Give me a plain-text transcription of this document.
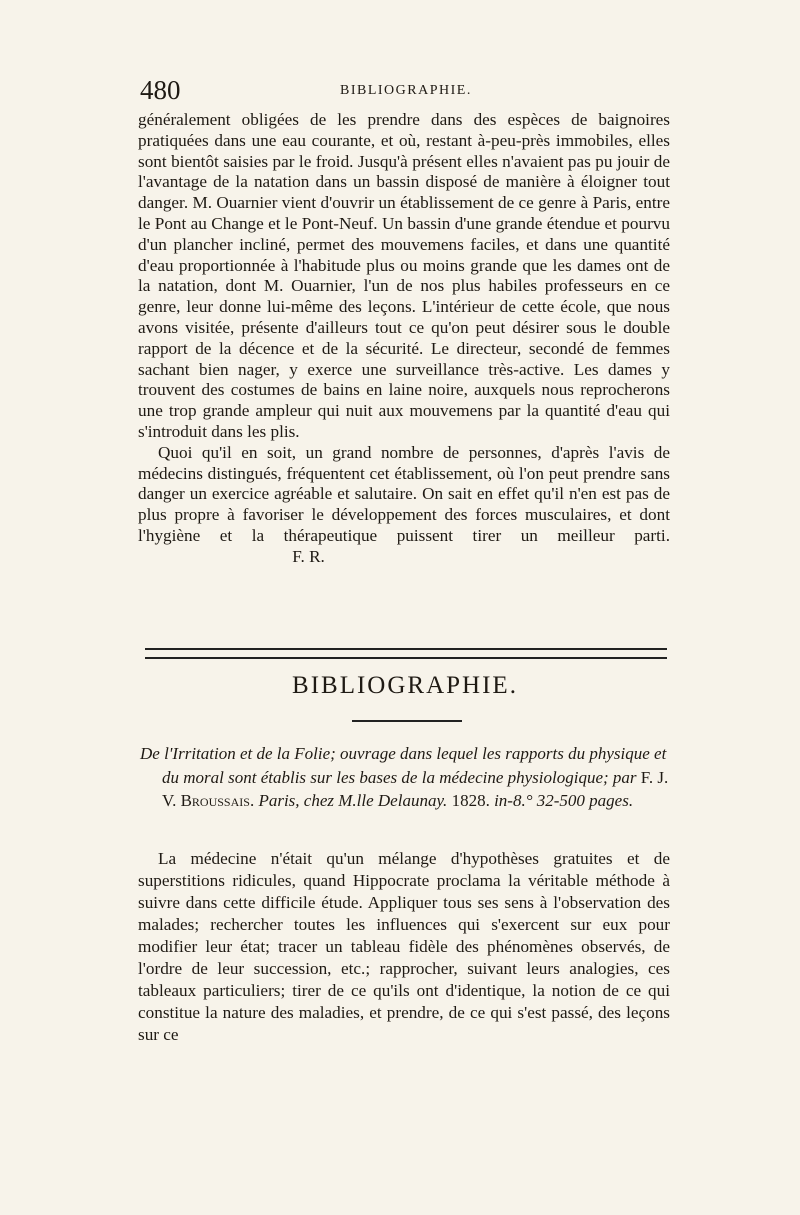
480	BIBLIOGRAPHIE.

généralement obligées de les prendre dans des espèces de baignoires pratiquées dans une eau courante, et où, restant à-peu-près immobiles, elles sont bientôt saisies par le froid. Jusqu'à présent elles n'avaient pas pu jouir de l'avantage de la natation dans un bassin disposé de manière à éloigner tout danger. M. Ouarnier vient d'ouvrir un établissement de ce genre à Paris, entre le Pont au Change et le Pont-Neuf. Un bassin d'une grande étendue et pourvu d'un plancher incliné, permet des mouvemens faciles, et dans une quantité d'eau proportionnée à l'habitude plus ou moins grande que les dames ont de la natation, dont M. Ouarnier, l'un de nos plus habiles professeurs en ce genre, leur donne lui-même des leçons. L'intérieur de cette école, que nous avons visitée, présente d'ailleurs tout ce qu'on peut désirer sous le double rapport de la décence et de la sécurité. Le directeur, secondé de femmes sachant bien nager, y exerce une surveillance très-active. Les dames y trouvent des costumes de bains en laine noire, auxquels nous reprocherons une trop grande ampleur qui nuit aux mouvemens par la quantité d'eau qui s'introduit dans les plis.

Quoi qu'il en soit, un grand nombre de personnes, d'après l'avis de médecins distingués, fréquentent cet établissement, où l'on peut prendre sans danger un exercice agréable et salutaire. On sait en effet qu'il n'en est pas de plus propre à favoriser le développement des forces musculaires, et dont l'hygiène et la thérapeutique puissent tirer un meilleur parti.  F. R.

BIBLIOGRAPHIE.

De l'Irritation et de la Folie; ouvrage dans lequel les rapports du physique et du moral sont établis sur les bases de la médecine physiologique; par F. J. V. Broussais. Paris, chez M.lle Delaunay. 1828. in-8.° 32-500 pages.

La médecine n'était qu'un mélange d'hypothèses gratuites et de superstitions ridicules, quand Hippocrate proclama la véritable méthode à suivre dans cette difficile étude. Appliquer tous ses sens à l'observation des malades; rechercher toutes les influences qui s'exercent sur eux pour modifier leur état; tracer un tableau fidèle des phénomènes observés, de l'ordre de leur succession, etc.; rapprocher, suivant leurs analogies, ces tableaux particuliers; tirer de ce qu'ils ont d'identique, la notion de ce qui constitue la nature des maladies, et prendre, de ce qui s'est passé, des leçons sur ce
